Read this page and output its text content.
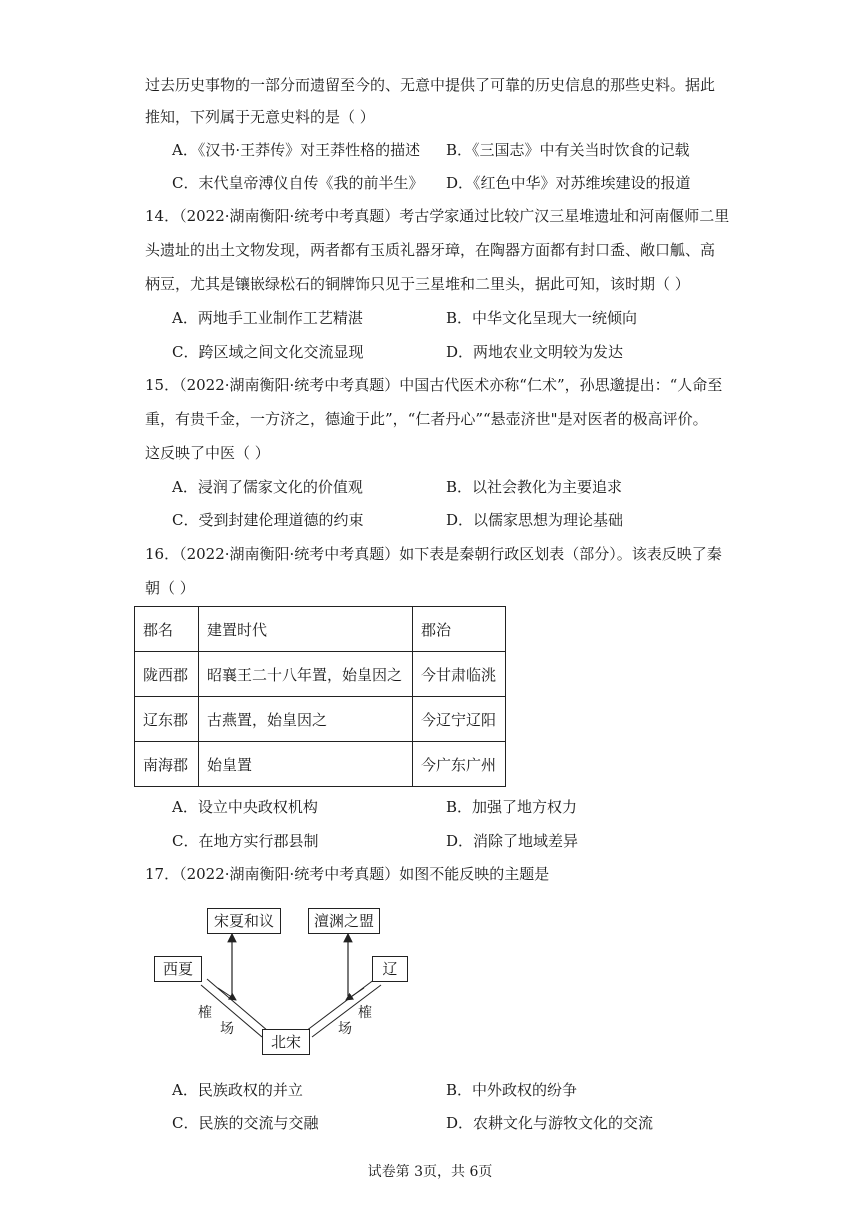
过去历史事物的一部分而遗留至今的、无意中提供了可靠的历史信息的那些史料。据此
推知，下列属于无意史料的是（ ）
A．《汉书·王莽传》对王莽性格的描述 B．《三国志》中有关当时饮食的记载
C．末代皇帝溥仪自传《我的前半生》 D．《红色中华》对苏维埃建设的报道
14．（2022·湖南衡阳·统考中考真题）考古学家通过比较广汉三星堆遗址和河南偃师二里
头遗址的出土文物发现，两者都有玉质礼器牙璋，在陶器方面都有封口盉、敞口觚、高
柄豆，尤其是镶嵌绿松石的铜牌饰只见于三星堆和二里头，据此可知，该时期（ ）
A．两地手工业制作工艺精湛	B．中华文化呈现大一统倾向
C．跨区域之间文化交流显现	D．两地农业文明较为发达
15．（2022·湖南衡阳·统考中考真题）中国古代医术亦称“仁术”，孙思邈提出：“人命至
重，有贵千金，一方济之，德逾于此”，“仁者丹心”“悬壶济世"是对医者的极高评价。
这反映了中医（ ）
A．浸润了儒家文化的价值观	B．以社会教化为主要追求
C．受到封建伦理道德的约束	D．以儒家思想为理论基础
16．（2022·湖南衡阳·统考中考真题）如下表是秦朝行政区划表（部分）。该表反映了秦
朝（ ）
郡名	建置时代	郡治
陇西郡	昭襄王二十八年置，始皇因之	今甘肃临洮
辽东郡	古燕置，始皇因之	今辽宁辽阳
南海郡	始皇置	今广东广州
A．设立中央政权机构	B．加强了地方权力
C．在地方实行郡县制	D．消除了地域差异
17．（2022·湖南衡阳·统考中考真题）如图不能反映的主题是
宋夏和议	澶渊之盟
西夏	辽
北宋
榷
场
榷
场
A．民族政权的并立	B．中外政权的纷争
C．民族的交流与交融	D．农耕文化与游牧文化的交流
试卷第 3页，共 6页
